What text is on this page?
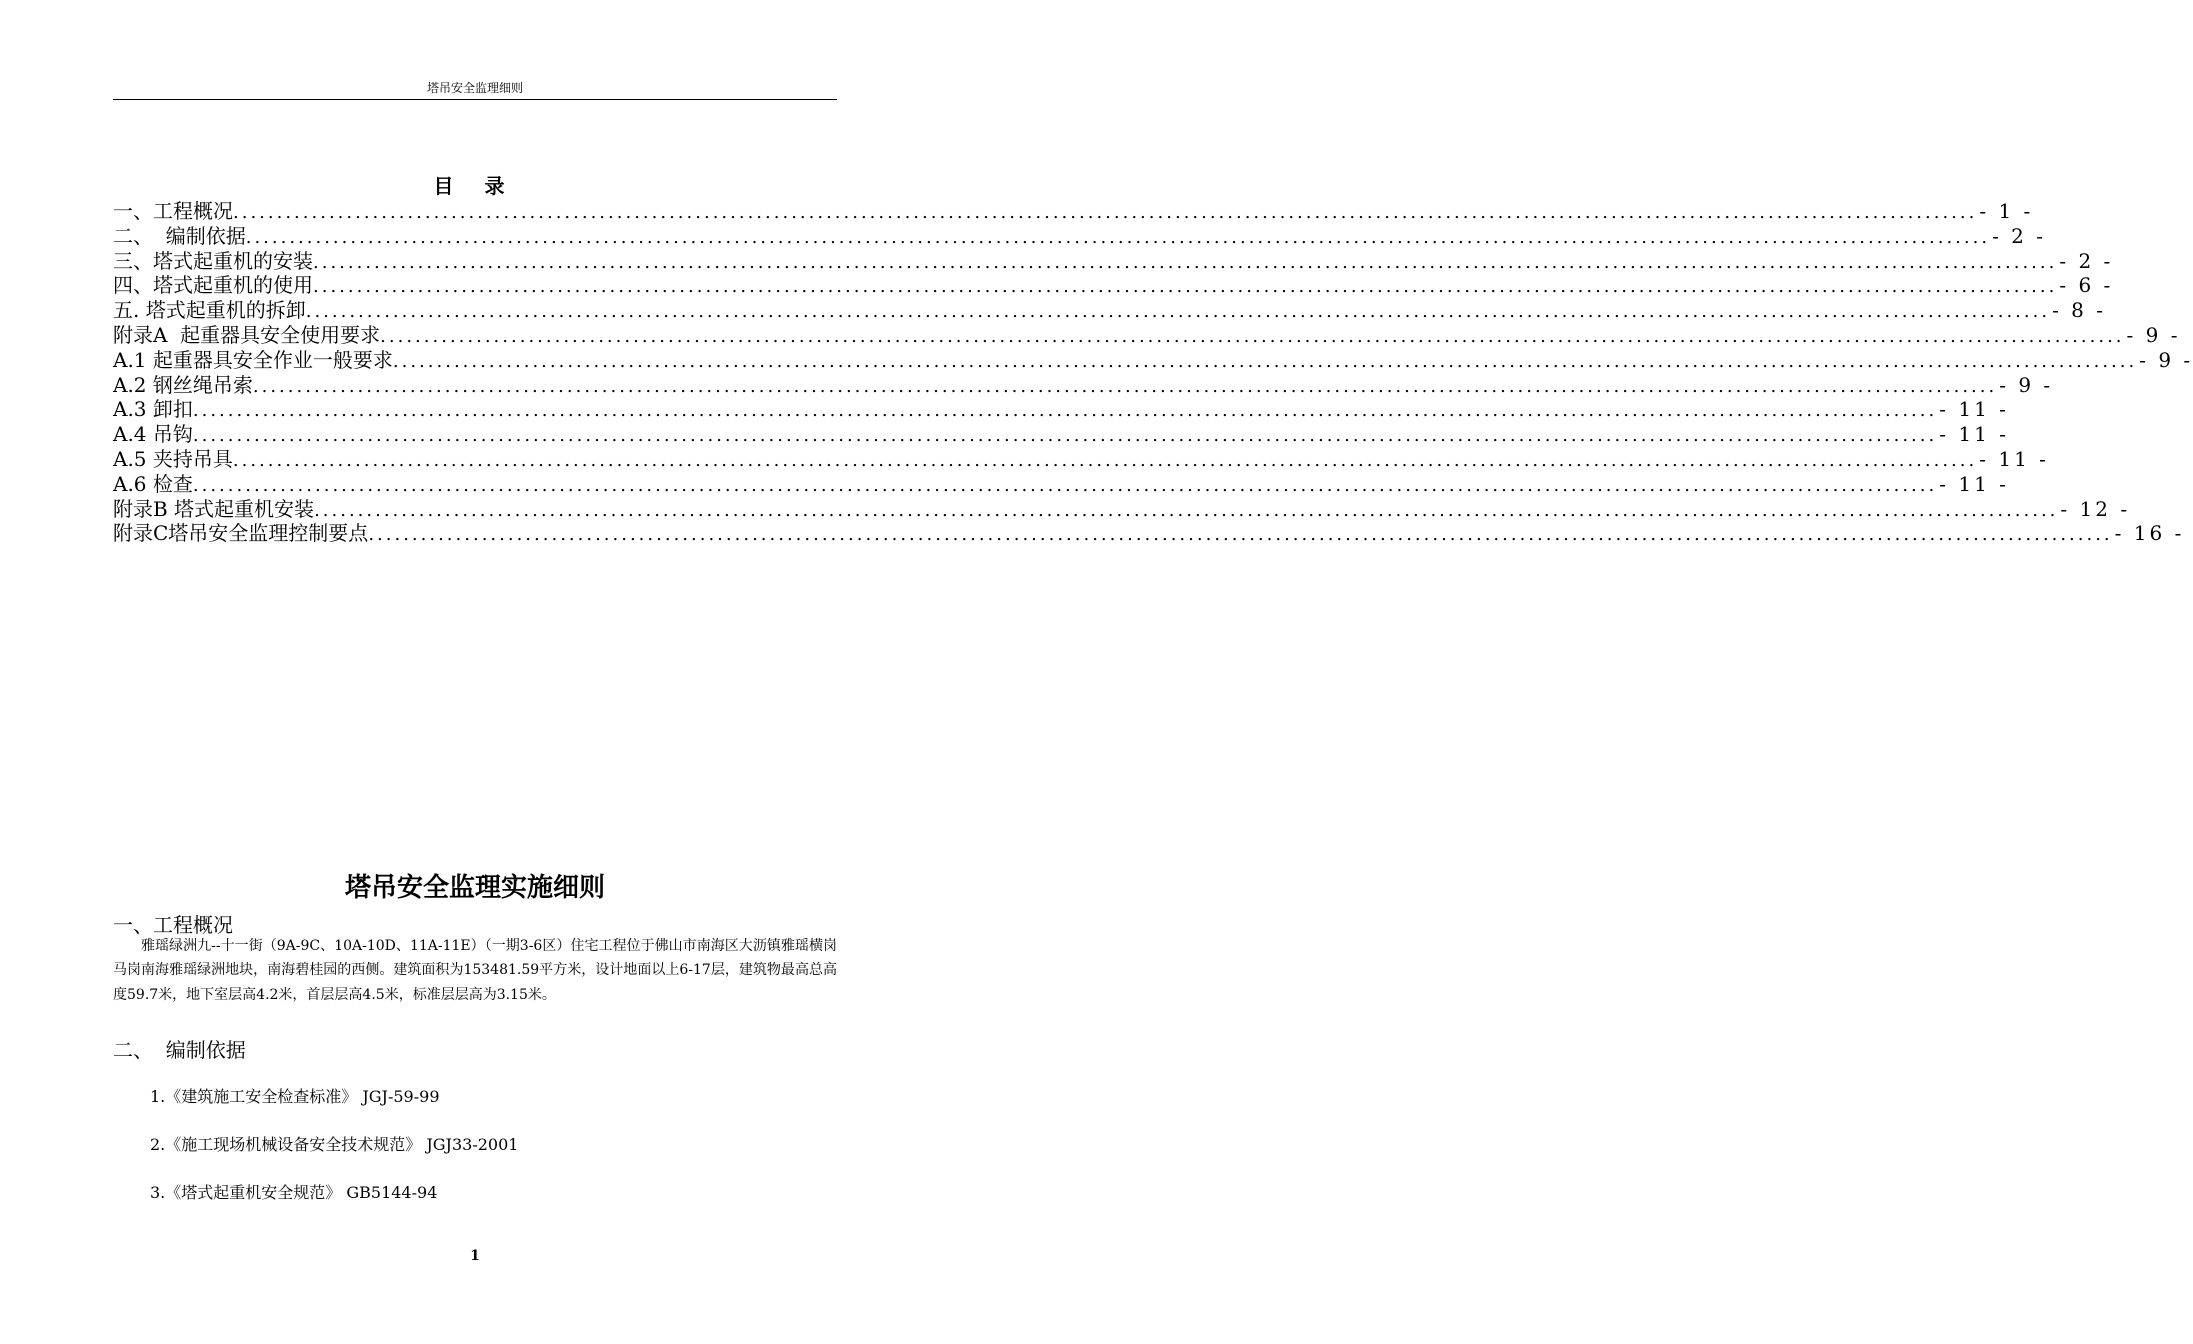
塔吊安全监理细则
目 录
一、工程概况 ........................................................................................................................................................................................................ - 1 -
二、  编制依据 ........................................................................................................................................................................................................ - 2 -
三、塔式起重机的安装 ........................................................................................................................................................................................................ - 2 -
四、塔式起重机的使用 ........................................................................................................................................................................................................ - 6 -
五. 塔式起重机的拆卸 ........................................................................................................................................................................................................ - 8 -
附录A  起重器具安全使用要求 ........................................................................................................................................................................................................ - 9 -
A.1 起重器具安全作业一般要求 ........................................................................................................................................................................................................ - 9 -
A.2 钢丝绳吊索 ........................................................................................................................................................................................................ - 9 -
A.3 卸扣 ........................................................................................................................................................................................................ - 11 -
A.4 吊钩 ........................................................................................................................................................................................................ - 11 -
A.5 夹持吊具 ........................................................................................................................................................................................................ - 11 -
A.6 检查 ........................................................................................................................................................................................................ - 11 -
附录B 塔式起重机安装 ........................................................................................................................................................................................................ - 12 -
附录C塔吊安全监理控制要点 ........................................................................................................................................................................................................ - 16 -
塔吊安全监理实施细则
一、工程概况
雅瑶绿洲九--十一街（9A-9C、10A-10D、11A-11E）（一期3-6区）住宅工程位于佛山市南海区大沥镇雅瑶横岗马岗南海雅瑶绿洲地块，南海碧桂园的西侧。建筑面积为153481.59平方米，设计地面以上6-17层，建筑物最高总高度59.7米，地下室层高4.2米，首层层高4.5米，标准层层高为3.15米。
二、  编制依据
1.《建筑施工安全检查标准》 JGJ-59-99
2.《施工现场机械设备安全技术规范》 JGJ33-2001
3.《塔式起重机安全规范》 GB5144-94
1
